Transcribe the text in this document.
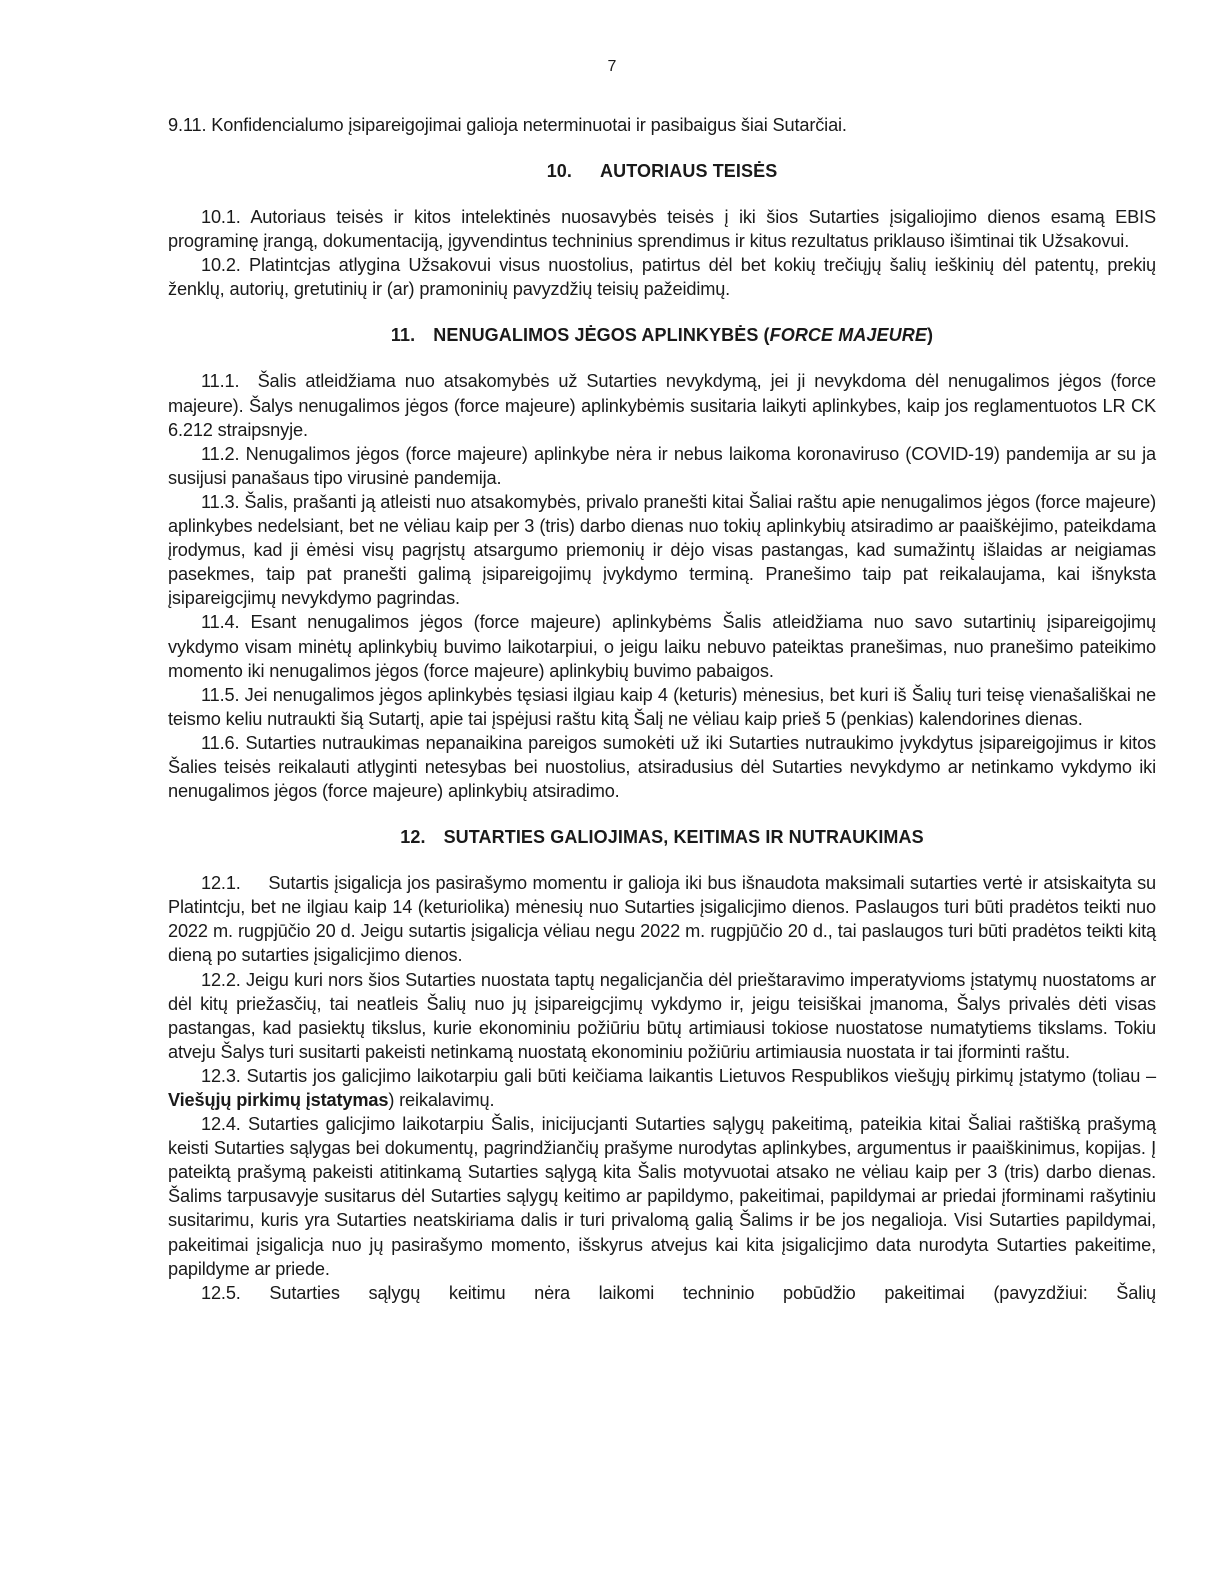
7

9.11. Konfidencialumo įsipareigojimai galioja neterminuotai ir pasibaigus šiai Sutarčiai.

10. AUTORIAUS TEISĖS

10.1. Autoriaus teisės ir kitos intelektinės nuosavybės teisės į iki šios Sutarties įsigaliojimo dienos esamą EBIS programinę įrangą, dokumentaciją, įgyvendintus techninius sprendimus ir kitus rezultatus priklauso išimtinai tik Užsakovui.

10.2. Platintcjas atlygina Užsakovui visus nuostolius, patirtus dėl bet kokių trečiųjų šalių ieškinių dėl patentų, prekių ženklų, autorių, gretutinių ir (ar) pramoninių pavyzdžių teisių pažeidimų.

11. NENUGALIMOS JĖGOS APLINKYBĖS (FORCE MAJEURE)

11.1. Šalis atleidžiama nuo atsakomybės už Sutarties nevykdymą, jei ji nevykdoma dėl nenugalimos jėgos (force majeure). Šalys nenugalimos jėgos (force majeure) aplinkybėmis susitaria laikyti aplinkybes, kaip jos reglamentuotos LR CK 6.212 straipsnyje.

11.2. Nenugalimos jėgos (force majeure) aplinkybe nėra ir nebus laikoma koronaviruso (COVID-19) pandemija ar su ja susijusi panašaus tipo virusinė pandemija.

11.3. Šalis, prašanti ją atleisti nuo atsakomybės, privalo pranešti kitai Šaliai raštu apie nenugalimos jėgos (force majeure) aplinkybes nedelsiant, bet ne vėliau kaip per 3 (tris) darbo dienas nuo tokių aplinkybių atsiradimo ar paaiškėjimo, pateikdama įrodymus, kad ji ėmėsi visų pagrįstų atsargumo priemonių ir dėjo visas pastangas, kad sumažintų išlaidas ar neigiamas pasekmes, taip pat pranešti galimą įsipareigojimų įvykdymo terminą. Pranešimo taip pat reikalaujama, kai išnyksta įsipareigcjimų nevykdymo pagrindas.

11.4. Esant nenugalimos jėgos (force majeure) aplinkybėms Šalis atleidžiama nuo savo sutartinių įsipareigojimų vykdymo visam minėtų aplinkybių buvimo laikotarpiui, o jeigu laiku nebuvo pateiktas pranešimas, nuo pranešimo pateikimo momento iki nenugalimos jėgos (force majeure) aplinkybių buvimo pabaigos.

11.5. Jei nenugalimos jėgos aplinkybės tęsiasi ilgiau kaip 4 (keturis) mėnesius, bet kuri iš Šalių turi teisę vienašališkai ne teismo keliu nutraukti šią Sutartį, apie tai įspėjusi raštu kitą Šalį ne vėliau kaip prieš 5 (penkias) kalendorines dienas.

11.6. Sutarties nutraukimas nepanaikina pareigos sumokėti už iki Sutarties nutraukimo įvykdytus įsipareigojimus ir kitos Šalies teisės reikalauti atlyginti netesybas bei nuostolius, atsiradusius dėl Sutarties nevykdymo ar netinkamo vykdymo iki nenugalimos jėgos (force majeure) aplinkybių atsiradimo.

12. SUTARTIES GALIOJIMAS, KEITIMAS IR NUTRAUKIMAS

12.1. Sutartis įsigalicja jos pasirašymo momentu ir galioja iki bus išnaudota maksimali sutarties vertė ir atsiskaityta su Platintcju, bet ne ilgiau kaip 14 (keturiolika) mėnesių nuo Sutarties įsigalicjimo dienos. Paslaugos turi būti pradėtos teikti nuo 2022 m. rugpjūčio 20 d. Jeigu sutartis įsigalicja vėliau negu 2022 m. rugpjūčio 20 d., tai paslaugos turi būti pradėtos teikti kitą dieną po sutarties įsigalicjimo dienos.

12.2. Jeigu kuri nors šios Sutarties nuostata taptų negalicjančia dėl prieštaravimo imperatyvioms įstatymų nuostatoms ar dėl kitų priežasčių, tai neatleis Šalių nuo jų įsipareigcjimų vykdymo ir, jeigu teisiškai įmanoma, Šalys privalės dėti visas pastangas, kad pasiektų tikslus, kurie ekonominiu požiūriu būtų artimiausi tokiose nuostatose numatytiems tikslams. Tokiu atveju Šalys turi susitarti pakeisti netinkamą nuostatą ekonominiu požiūriu artimiausia nuostata ir tai įforminti raštu.

12.3. Sutartis jos galicjimo laikotarpiu gali būti keičiama laikantis Lietuvos Respublikos viešųjų pirkimų įstatymo (toliau – Viešųjų pirkimų įstatymas) reikalavimų.

12.4. Sutarties galicjimo laikotarpiu Šalis, inicijucjanti Sutarties sąlygų pakeitimą, pateikia kitai Šaliai raštišką prašymą keisti Sutarties sąlygas bei dokumentų, pagrindžiančių prašyme nurodytas aplinkybes, argumentus ir paaiškinimus, kopijas. Į pateiktą prašymą pakeisti atitinkamą Sutarties sąlygą kita Šalis motyvuotai atsako ne vėliau kaip per 3 (tris) darbo dienas. Šalims tarpusavyje susitarus dėl Sutarties sąlygų keitimo ar papildymo, pakeitimai, papildymai ar priedai įforminami rašytiniu susitarimu, kuris yra Sutarties neatskiriama dalis ir turi privalomą galią Šalims ir be jos negalioja. Visi Sutarties papildymai, pakeitimai įsigalicja nuo jų pasirašymo momento, išskyrus atvejus kai kita įsigalicjimo data nurodyta Sutarties pakeitime, papildyme ar priede.

12.5. Sutarties sąlygų keitimu nėra laikomi techninio pobūdžio pakeitimai (pavyzdžiui: Šalių
